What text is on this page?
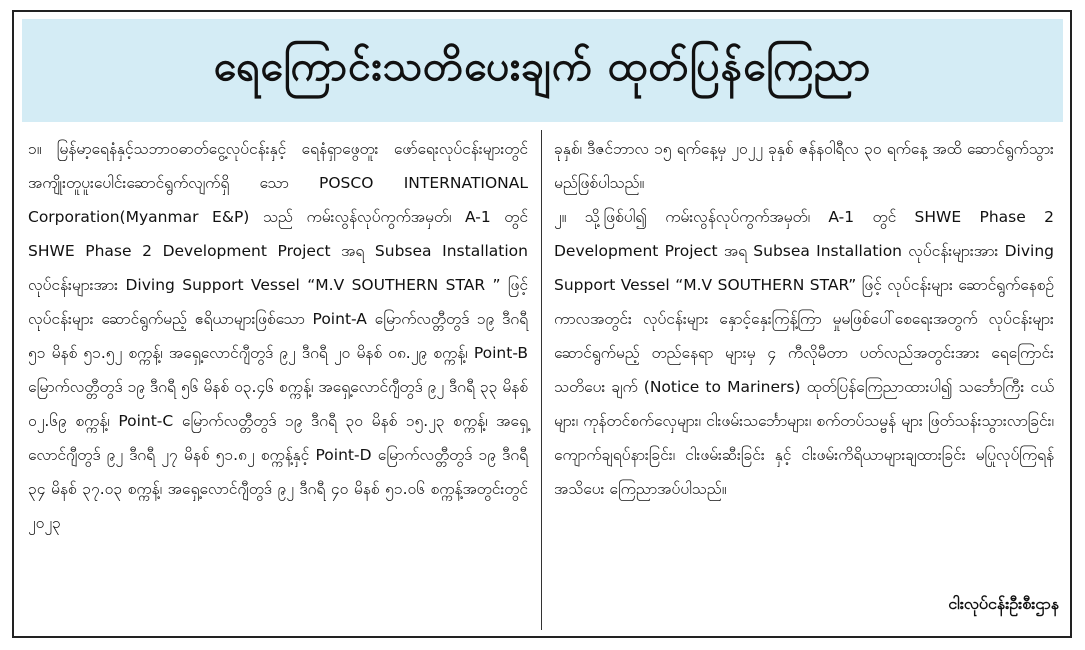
ရေကြောင်းသတိပေးချက် ထုတ်ပြန်ကြေညာ

၁။ မြန်မာ့ရေနံနှင့်သဘာဝဓာတ်ငွေ့လုပ်ငန်းနှင့် ရေနံရှာဖွေတူး ဖော်ရေးလုပ်ငန်းများတွင် အကျိုးတူပူးပေါင်းဆောင်ရွက်လျက်ရှိ သော POSCO INTERNATIONAL Corporation(Myanmar E&P) သည် ကမ်းလွန်လုပ်ကွက်အမှတ်၊ A-1 တွင် SHWE Phase 2 Development Project အရ Subsea Installation လုပ်ငန်းများအား Diving Support Vessel “M.V SOUTHERN STAR ” ဖြင့် လုပ်ငန်းများ ဆောင်ရွက်မည့် ဧရိယာများဖြစ်သော Point-A မြောက်လတ္တီတွဒ် ၁၉ ဒီဂရီ ၅၁ မိနစ် ၅၁.၅၂ စက္ကန့်၊ အရှေ့လောင်ဂျီတွဒ် ၉၂ ဒီဂရီ ၂၀ မိနစ် ၀၈.၂၉ စက္ကန့်၊ Point-B မြောက်လတ္တီတွဒ် ၁၉ ဒီဂရီ ၅၆ မိနစ် ၀၃.၄၆ စက္ကန့်၊ အရှေ့လောင်ဂျီတွဒ် ၉၂ ဒီဂရီ ၃၃ မိနစ် ၀၂.၆၉ စက္ကန့်၊ Point-C မြောက်လတ္တီတွဒ် ၁၉ ဒီဂရီ ၃၀ မိနစ် ၁၅.၂၃ စက္ကန့်၊ အရှေ့လောင်ဂျီတွဒ် ၉၂ ဒီဂရီ ၂၇ မိနစ် ၅၁.၈၂ စက္ကန့်နှင့် Point-D မြောက်လတ္တီတွဒ် ၁၉ ဒီဂရီ ၃၄ မိနစ် ၃၇.၀၃ စက္ကန့်၊ အရှေ့လောင်ဂျီတွဒ် ၉၂ ဒီဂရီ ၄၀ မိနစ် ၅၁.၀၆ စက္ကန့်အတွင်းတွင် ၂၀၂၃

ခုနှစ်၊ ဒီဇင်ဘာလ ၁၅ ရက်နေ့မှ ၂၀၂၂ ခုနှစ် ဇန်နဝါရီလ ၃၀ ရက်နေ့ အထိ ဆောင်ရွက်သွားမည်ဖြစ်ပါသည်။

၂။ သို့ဖြစ်ပါ၍ ကမ်းလွန်လုပ်ကွက်အမှတ်၊ A-1 တွင် SHWE Phase 2 Development Project အရ Subsea Installation လုပ်ငန်းများအား Diving Support Vessel “M.V SOUTHERN STAR” ဖြင့် လုပ်ငန်းများ ဆောင်ရွက်နေစဉ်ကာလအတွင်း လုပ်ငန်းများ နှောင့်နှေးကြန့်ကြာ မှုမဖြစ်ပေါ်စေရေးအတွက် လုပ်ငန်းများ ဆောင်ရွက်မည့် တည်နေရာ များမှ ၄ ကီလိုမီတာ ပတ်လည်အတွင်းအား ရေကြောင်းသတိပေး ချက် (Notice to Mariners) ထုတ်ပြန်ကြေညာထားပါ၍ သင်္ဘောကြီး ငယ်များ၊ ကုန်တင်စက်လှေများ၊ ငါးဖမ်းသင်္ဘောများ၊ စက်တပ်သမ္ဗန် များ ဖြတ်သန်းသွားလာခြင်း၊ ကျောက်ချရပ်နားခြင်း၊ ငါးဖမ်းဆီးခြင်း နှင့် ငါးဖမ်းကိရိယာများချထားခြင်း မပြုလုပ်ကြရန် အသိပေး ကြေညာအပ်ပါသည်။

ငါးလုပ်ငန်းဦးစီးဌာန
